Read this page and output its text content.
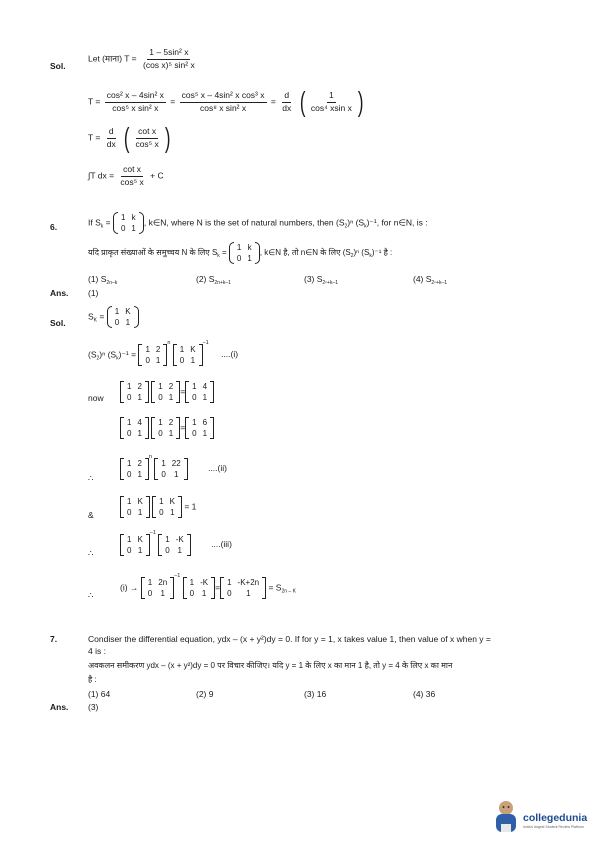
Sol.
Let (माना) $T = \frac{\text{1 – 5sin² x}}{\text{(cos x)⁵ sin² x}}$
$T = \frac{\text{cos² x – 4sin² x}}{\text{cos⁵ x sin² x}} = \frac{\text{cos⁵ x – 4sin² x cos³ x}}{\text{cos⁸ x sin² x}} = \frac{d}{dx}$
( $\frac{1}{\text{cos⁴ xsin x}}$ )
$T = \frac{d}{dx}$
( $\frac{\text{cot x}}{\text{cos⁵ x}}$ )
∫T dx = $\frac{\text{cot x}}{\text{cos⁵ x}} + C$
6.	If $S_k = 1$	k
0	1
, k∈N, where N is the set of natural numbers, then $(S_2)^n$ $(S_k)^{-1}$, for n∈N, is :
यदि प्राकृत संख्याओं के समुच्चय N के लिए $S_k$ =
1	k
0	1
, k∈N है, तो n∈N के लिए $(S_2)^n$ $(S_k)^{-1}$ है :
(1) $S_{2n-k}$	(2) $S_{2n+k-1}$	(3) $S_{2^n+k-1}$	(4) $S_{2^n+k-1}$
Ans. (1)
Sol.
$S_K = 1$	K
0	1
$(S_2)^n$ $(S_k)^{-1} = 1$	2
0	1
$^n$
1	K
0	1
$^{-1}$ ....(i)
now
1	2
0	1

1	2
0	1
= 1	4
0	1
1	4
0	1

1	2
0	1
= 1	6
0	1
∴
1	2
0	1
$^n$
1	22
0	1
....(ii)
&
1	K
0	1

1	K
0	1
= 1
∴
1	K
0	1
$^{-1}$
1	-K
0	1
....(iii)
∴
(i) → 1	2n
0	1
$^{-1}$
1	-K
0	1
= 1	-K+2n
0	1
= $S_{2n - K}$
7.	Condiser the differential equation, ydx – (x + y²)dy = 0. If for y = 1, x takes value 1, then value of x when y =
4 is :
अवकलन समीकरण ydx – (x + y²)dy = 0 पर विचार कीजिए। यदि y = 1 के लिए x का मान 1 है, तो y = 4 के लिए x का मान
है :
(1) 64	(2) 9	(3) 16	(4) 36
Ans. (3)
collegedunia
India's largest Student Review Platform
